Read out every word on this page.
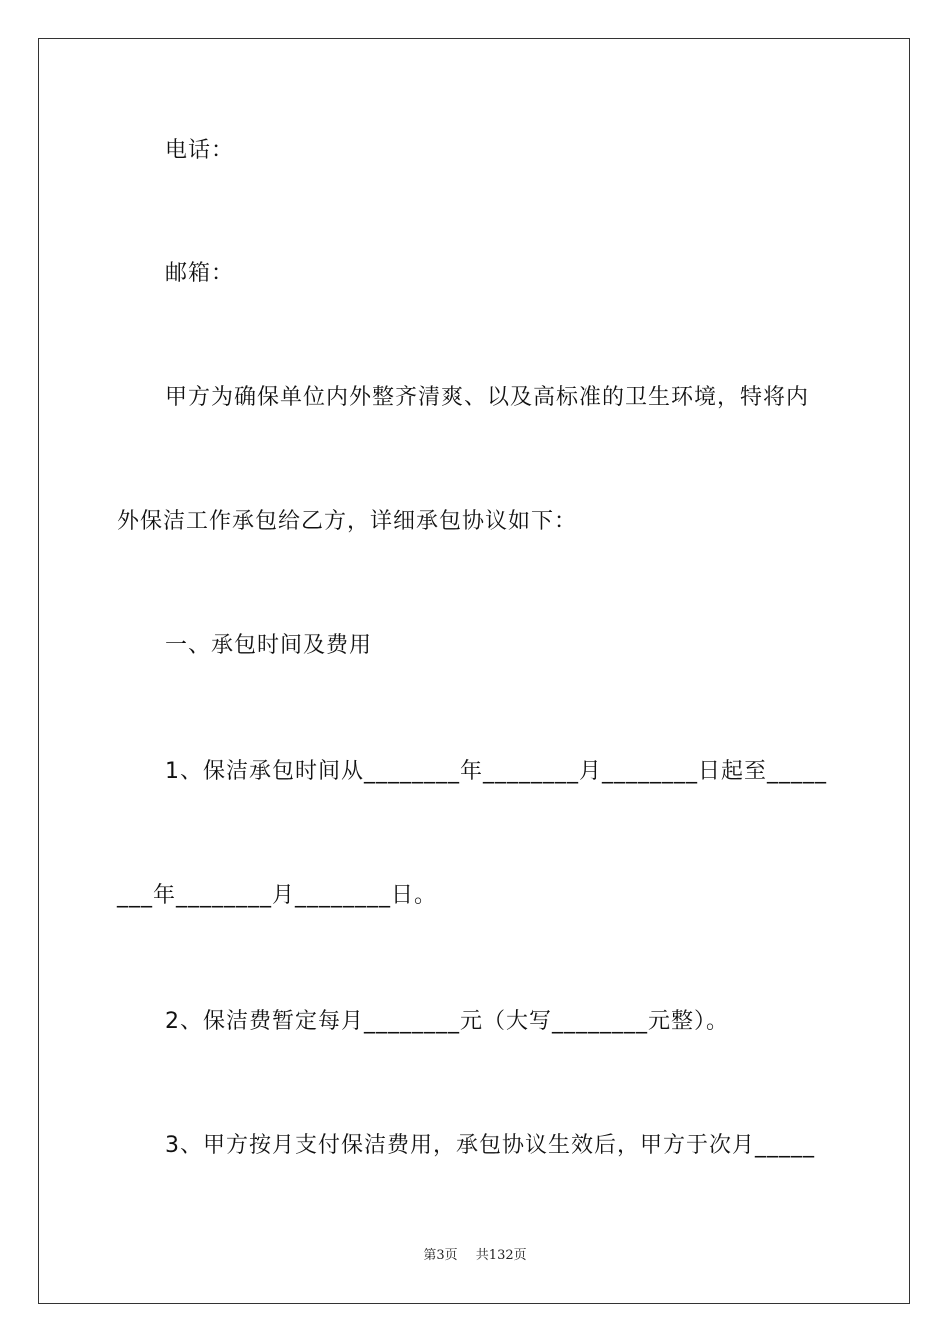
电话：
邮箱：
甲方为确保单位内外整齐清爽、以及高标准的卫生环境，特将内
外保洁工作承包给乙方，详细承包协议如下：
一、承包时间及费用
1、保洁承包时间从________年________月________日起至_____
___年________月________日。
2、保洁费暂定每月________元（大写________元整）。
3、甲方按月支付保洁费用，承包协议生效后，甲方于次月_____
第3页 共132页
